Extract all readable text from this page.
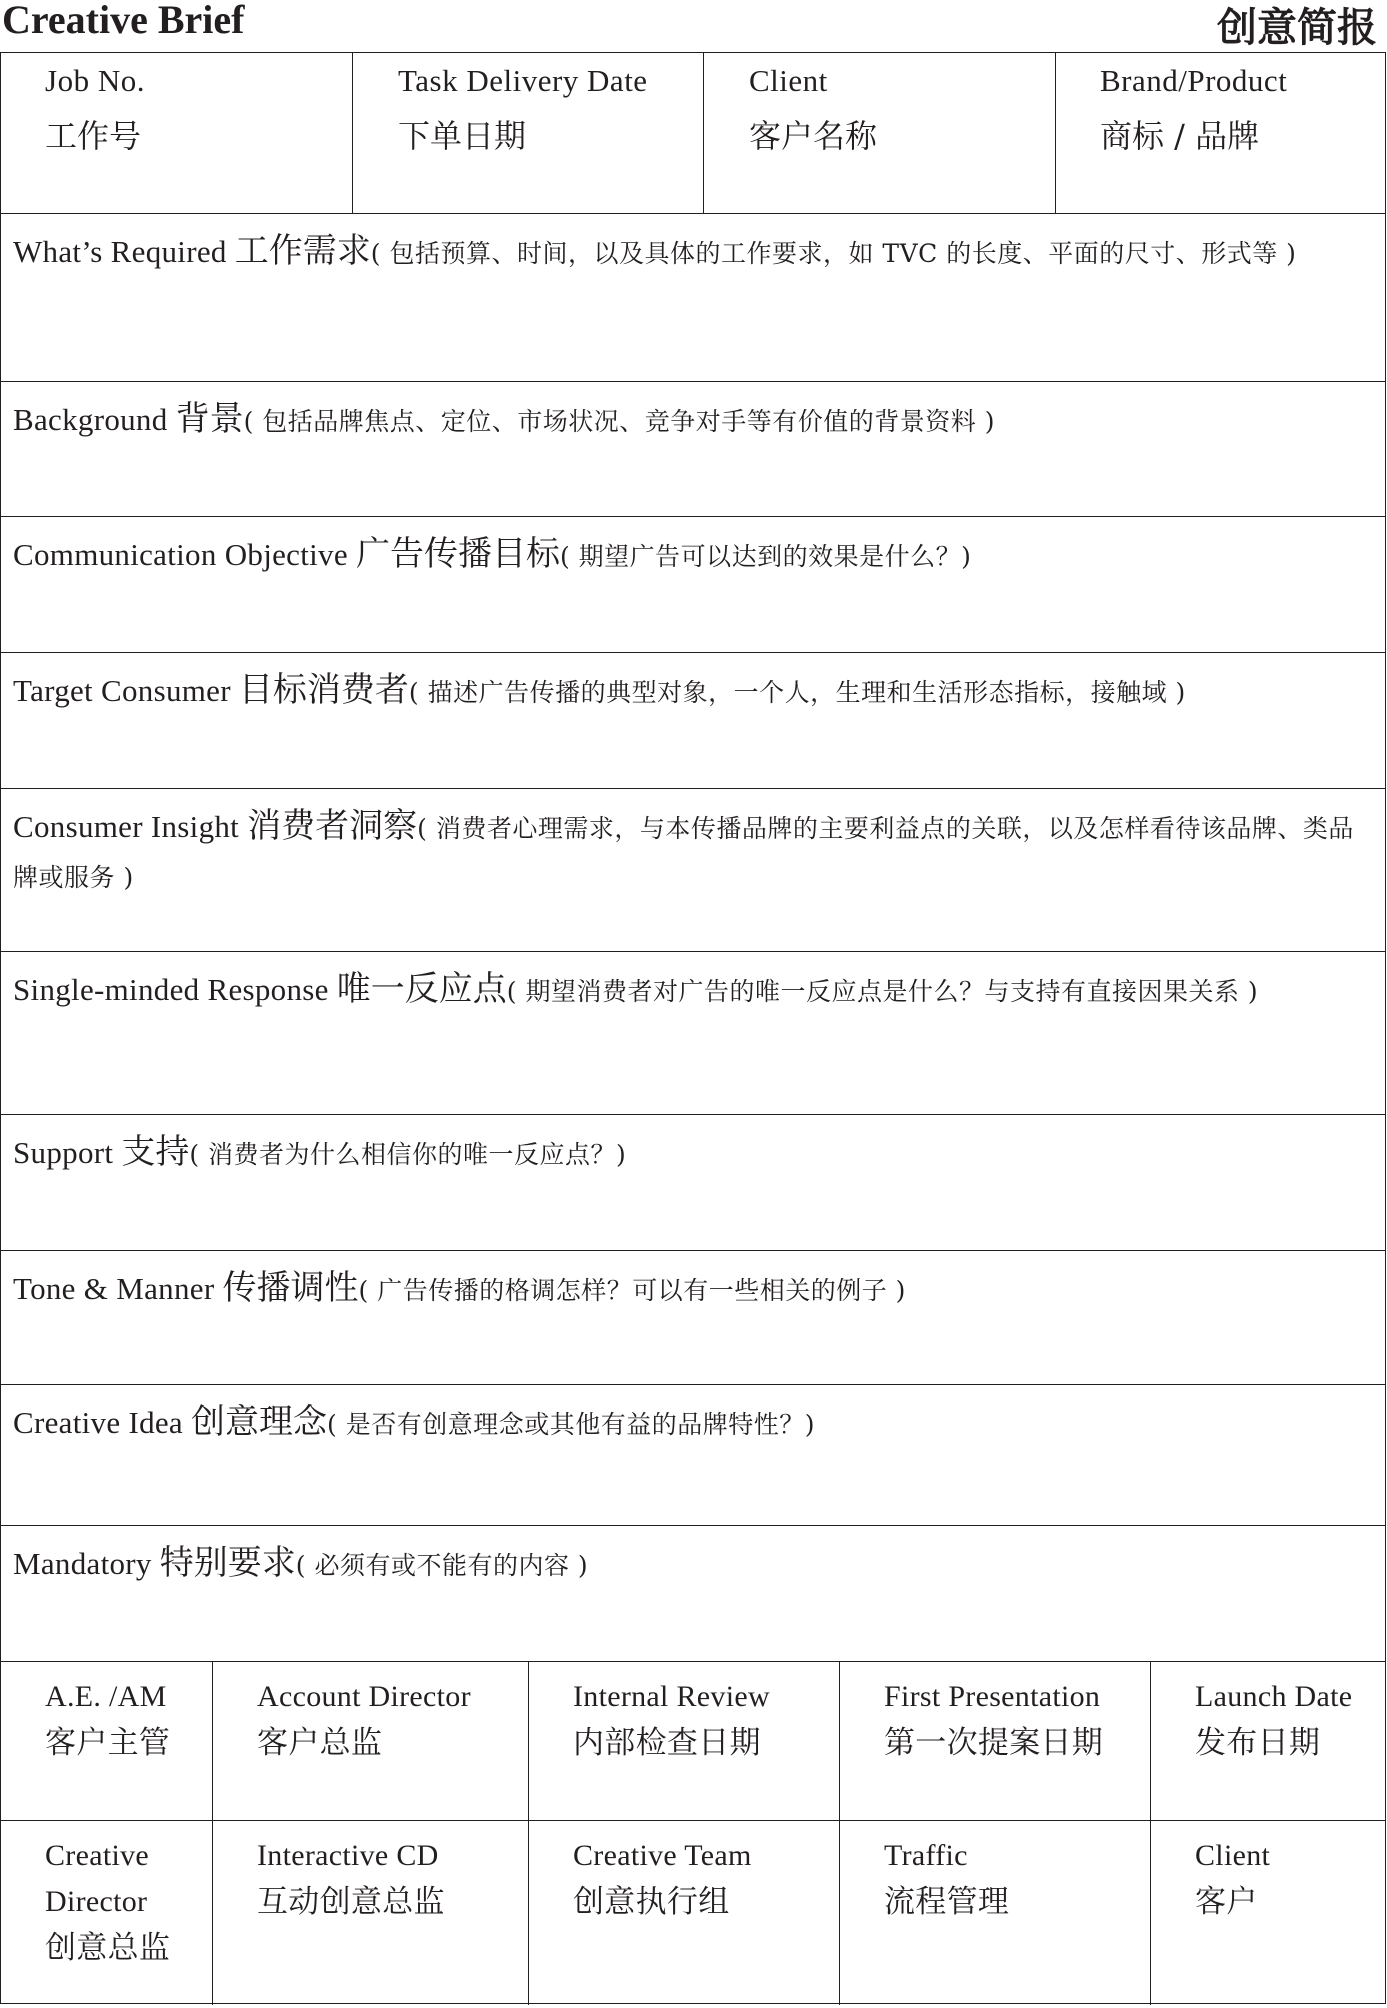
Creative Brief	创意简报
Job No.
工作号
Task Delivery Date
下单日期
Client
客户名称
Brand/Product
商标 / 品牌
What’s Required 工作需求( 包括预算、时间，以及具体的工作要求，如 TVC 的长度、平面的尺寸、形式等 )
Background 背景( 包括品牌焦点、定位、市场状况、竞争对手等有价值的背景资料 )
Communication Objective 广告传播目标( 期望广告可以达到的效果是什么？)
Target Consumer 目标消费者( 描述广告传播的典型对象，一个人，生理和生活形态指标，接触域 )
Consumer Insight 消费者洞察( 消费者心理需求，与本传播品牌的主要利益点的关联，以及怎样看待该品牌、类品牌或服务 )
Single-minded Response 唯一反应点( 期望消费者对广告的唯一反应点是什么？与支持有直接因果关系 )
Support 支持( 消费者为什么相信你的唯一反应点？)
Tone & Manner 传播调性( 广告传播的格调怎样？可以有一些相关的例子 )
Creative Idea 创意理念( 是否有创意理念或其他有益的品牌特性？)
Mandatory 特别要求( 必须有或不能有的内容 )
A.E. /AM
客户主管
Account Director
客户总监
Internal Review
内部检查日期
First Presentation
第一次提案日期
Launch Date
发布日期
Creative
Director
创意总监
Interactive CD
互动创意总监
Creative Team
创意执行组
Traffic
流程管理
Client
客户
